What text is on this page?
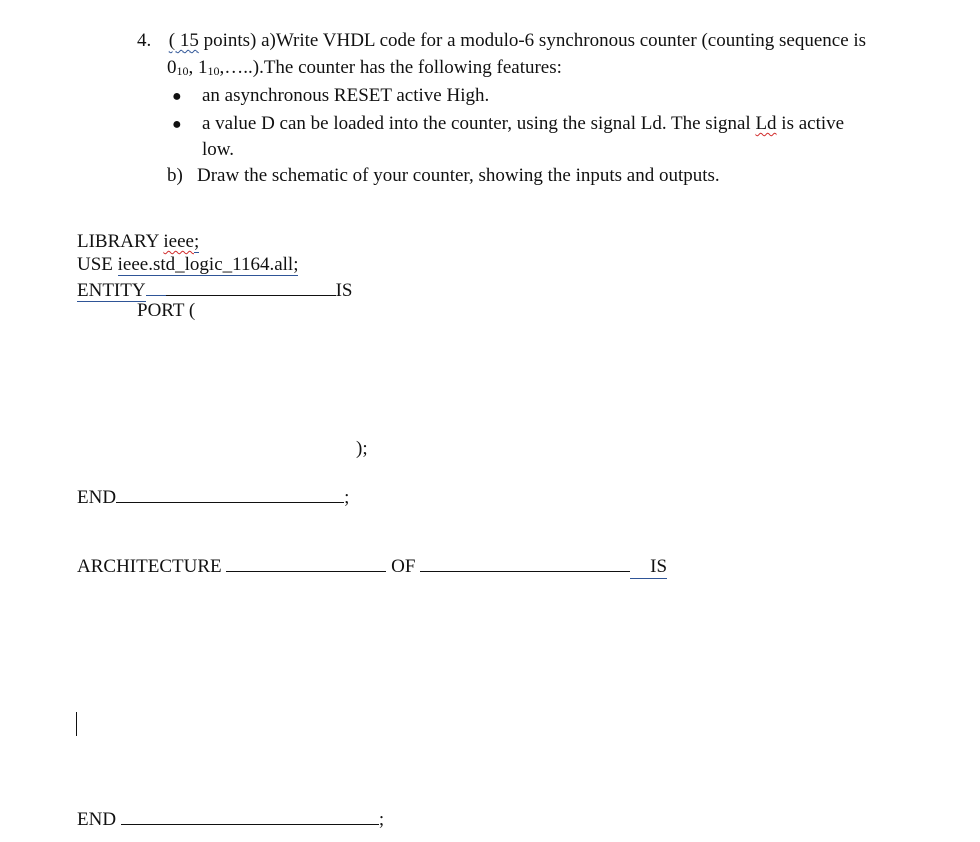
4. ( 15 points) a)Write VHDL code for a modulo-6 synchronous counter (counting sequence is
$0_{10}$, $1_{10},\dots..).The$ counter has the following features:
● an asynchronous RESET active High.
● a value D can be loaded into the counter, using the signal Ld. The signal Ld is active
low.
b) Draw the schematic of your counter, showing the inputs and outputs.
LIBRARY ieee;
USE ieee.std_logic_1164.all;
ENTITY	IS
PORT (
);
END	;
ARCHITECTURE	OF	IS
END	;
